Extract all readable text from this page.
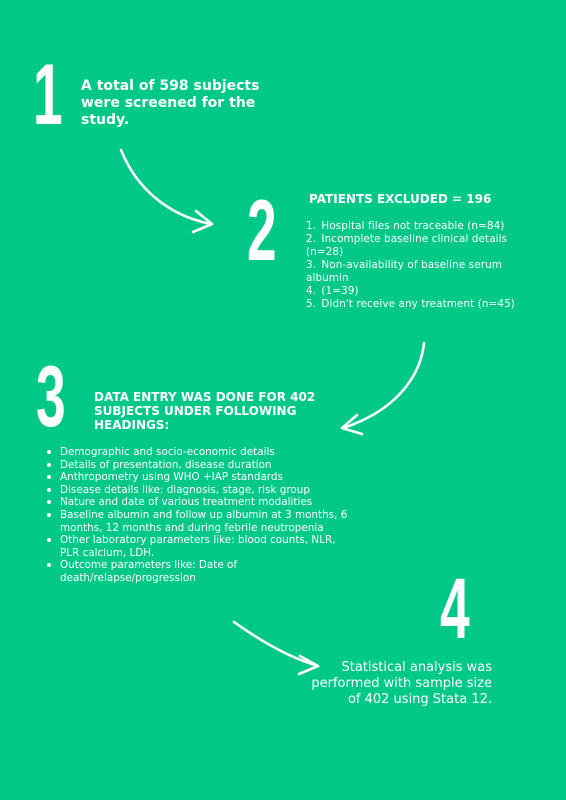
1 A total of 598 subjects were screened for the study.
2	PATIENTS EXCLUDED = 196
1. Hospital files not traceable (n=84)
2. Incomplete baseline clinical details (n=28)
3. Non-availability of baseline serum albumin
4. (1=39)
5. Didn't receive any treatment (n=45)
3 DATA ENTRY WAS DONE FOR 402 SUBJECTS UNDER FOLLOWING HEADINGS:
Demographic and socio-economic details
Details of presentation, disease duration
Anthropometry using WHO +IAP standards
Disease details like: diagnosis, stage, risk group
Nature and date of various treatment modalities
Baseline albumin and follow up albumin at 3 months, 6 months, 12 months and during febrile neutropenia
Other laboratory parameters like: blood counts, NLR, PLR calcium, LDH.
Outcome parameters like: Date of death/relapse/progression	4
Statistical analysis was performed with sample size of 402 using Stata 12.
